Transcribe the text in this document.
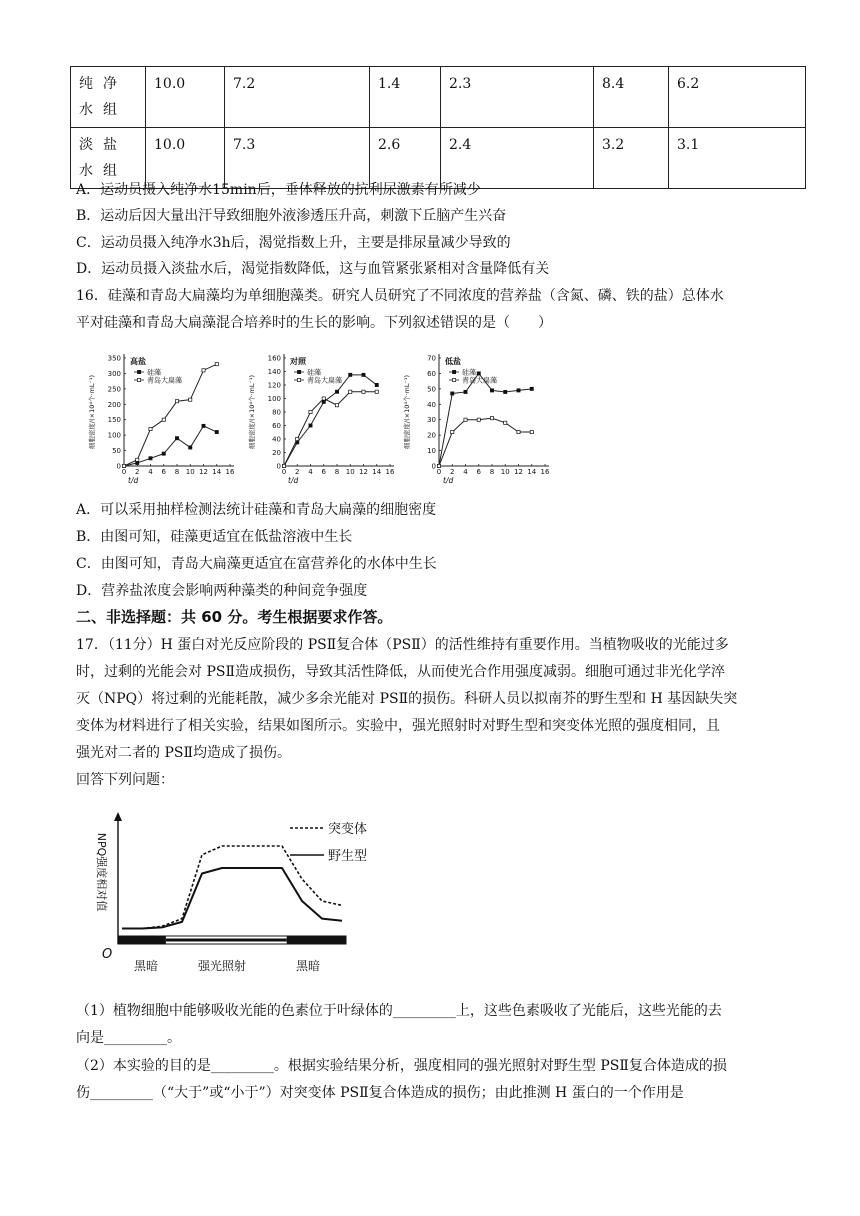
纯净水组	10.0	7.2	1.4	2.3	8.4	6.2
淡盐水组	10.0	7.3	2.6	2.4	3.2	3.1
A．运动员摄入纯净水15min后，垂体释放的抗利尿激素有所减少
B．运动后因大量出汗导致细胞外液渗透压升高，刺激下丘脑产生兴奋
C．运动员摄入纯净水3h后，渴觉指数上升，主要是排尿量减少导致的
D．运动员摄入淡盐水后，渴觉指数降低，这与血管紧张紧相对含量降低有关
16．硅藻和青岛大扁藻均为单细胞藻类。研究人员研究了不同浓度的营养盐（含氮、磷、铁的盐）总体水
平对硅藻和青岛大扁藻混合培养时的生长的影响。下列叙述错误的是（　　）
0 2 4 6 8 10 12 14 16
t/d
0
50
100
150
200
250
300
350
细胞密度/(×10⁴个·mL⁻¹)
高盐
硅藻
青岛大扁藻
0 2 4 6 8 10 12 14 16
t/d
0
20
40
60
80
100
120
140
160
细胞密度/(×10⁴个·mL⁻¹)
对照
硅藻
青岛大扁藻
0 2 4 6 8 10 12 14 16
t/d
0
10
20
30
40
50
60
70
细胞密度/(×10⁴个·mL⁻¹)
低盐
硅藻
青岛大扁藻
A．可以采用抽样检测法统计硅藻和青岛大扁藻的细胞密度
B．由图可知，硅藻更适宜在低盐溶液中生长
C．由图可知，青岛大扁藻更适宜在富营养化的水体中生长
D．营养盐浓度会影响两种藻类的种间竞争强度
二、非选择题：共 60 分。考生根据要求作答。
17．（11分）H 蛋白对光反应阶段的 PSⅡ复合体（PSⅡ）的活性维持有重要作用。当植物吸收的光能过多
时，过剩的光能会对 PSⅡ造成损伤，导致其活性降低，从而使光合作用强度减弱。细胞可通过非光化学淬
灭（NPQ）将过剩的光能耗散，减少多余光能对 PSⅡ的损伤。科研人员以拟南芥的野生型和 H 基因缺失突
变体为材料进行了相关实验，结果如图所示。实验中，强光照射时对野生型和突变体光照的强度相同，且
强光对二者的 PSⅡ均造成了损伤。
回答下列问题：
O
黑暗	强光照射	黑暗
NPQ强度相对值
突变体
野生型
（1）植物细胞中能够吸收光能的色素位于叶绿体的_________上，这些色素吸收了光能后，这些光能的去
向是_________。
（2）本实验的目的是_________。根据实验结果分析，强度相同的强光照射对野生型 PSⅡ复合体造成的损
伤_________（“大于”或“小于”）对突变体 PSⅡ复合体造成的损伤；由此推测 H 蛋白的一个作用是
